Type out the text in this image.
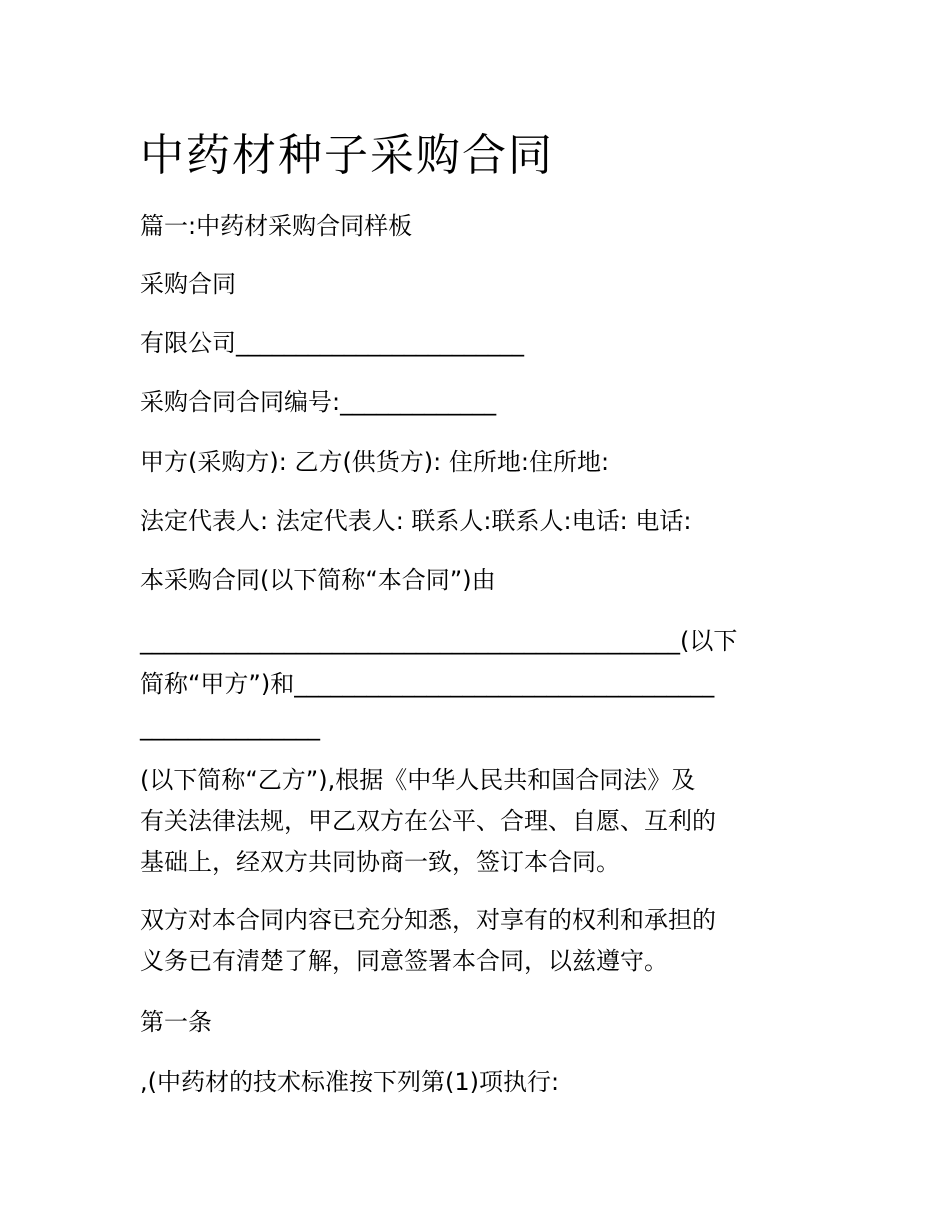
中药材种子采购合同

篇一:中药材采购合同样板

采购合同

有限公司________________________

采购合同合同编号:_____________

甲方(采购方): 乙方(供货方): 住所地:住所地:

法定代表人: 法定代表人: 联系人:联系人:电话: 电话:

本采购合同(以下简称“本合同”)由

_____________________________________________(以下
简称“甲方”)和___________________________________
_______________
(以下简称“乙方”),根据《中华人民共和国合同法》及
有关法律法规，甲乙双方在公平、合理、自愿、互利的
基础上，经双方共同协商一致，签订本合同。
双方对本合同内容已充分知悉，对享有的权利和承担的
义务已有清楚了解，同意签署本合同，以兹遵守。

第一条

,(中药材的技术标准按下列第(1)项执行:
